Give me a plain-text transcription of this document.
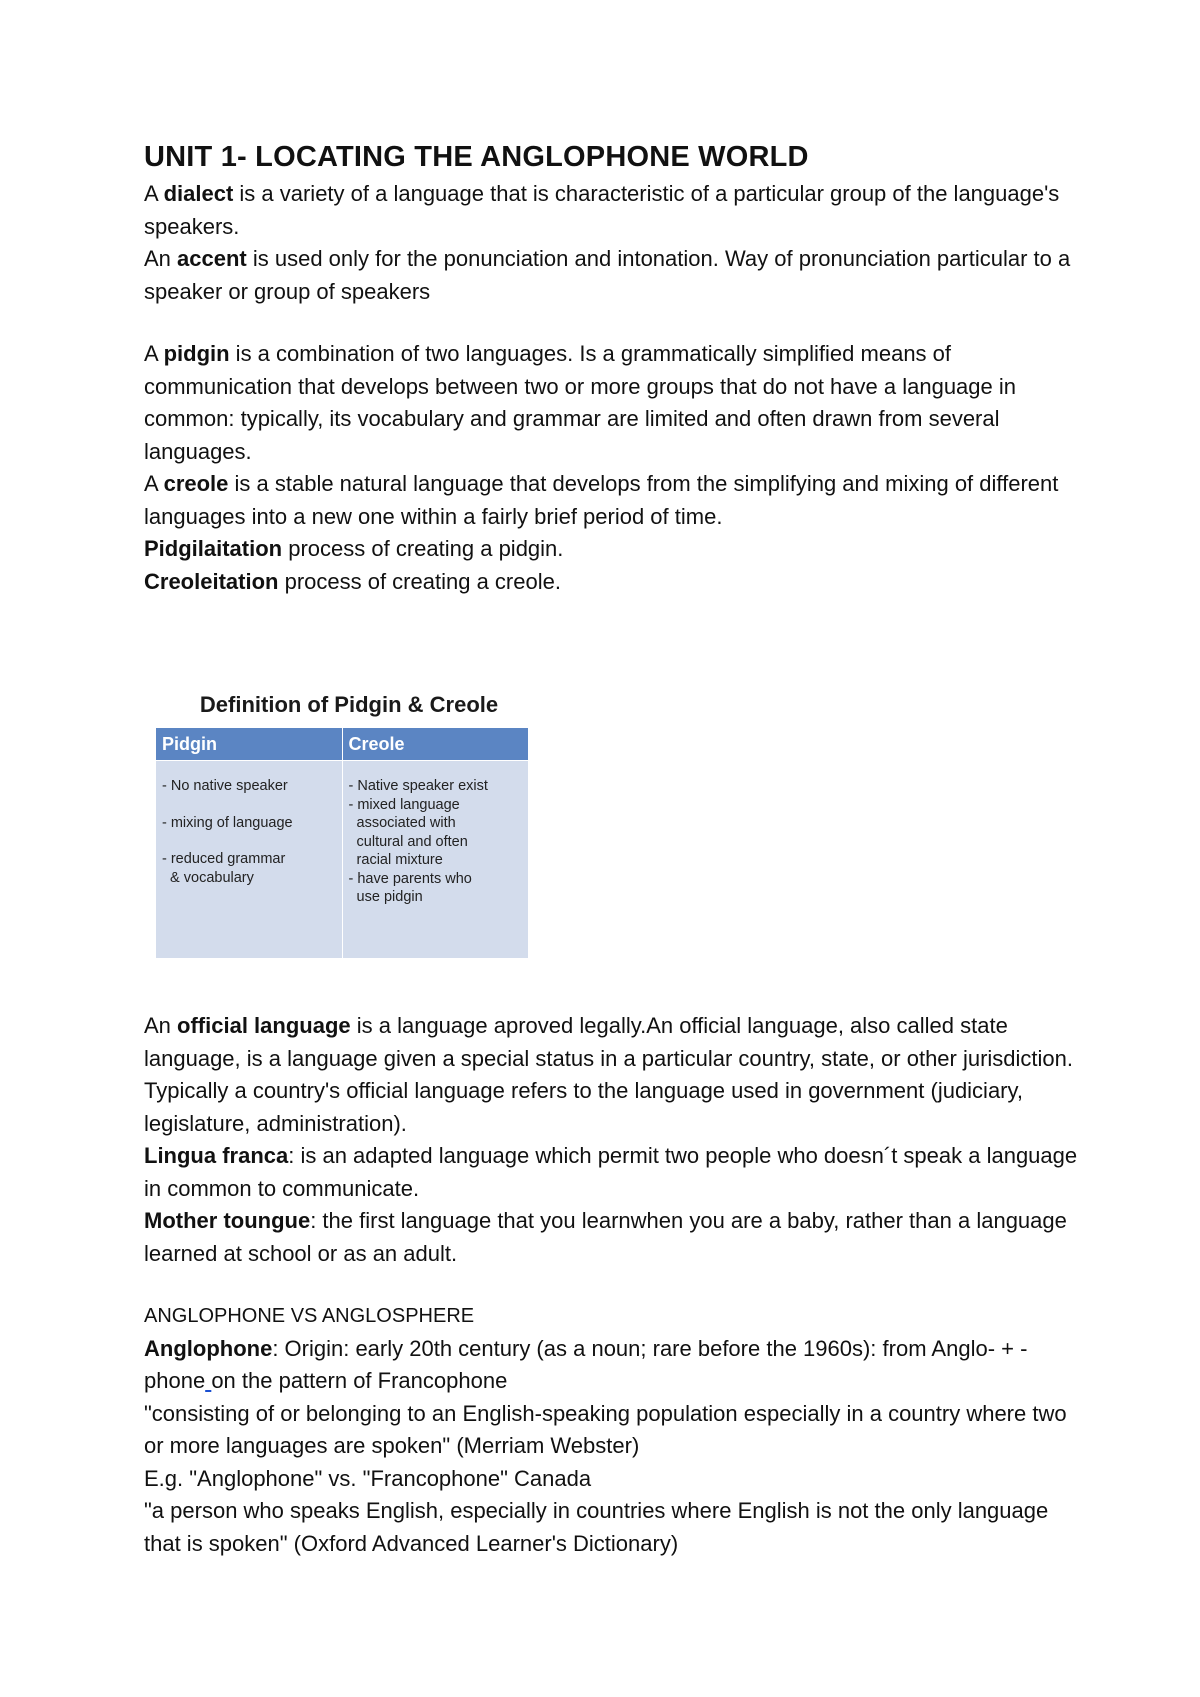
UNIT 1- LOCATING THE ANGLOPHONE WORLD

A dialect is a variety of a language that is characteristic of a particular group of the language's speakers.

An accent is used only for the ponunciation and intonation. Way of pronunciation particular to a speaker or group of speakers

A pidgin is a combination of two languages. Is a grammatically simplified means of communication that develops between two or more groups that do not have a language in common: typically, its vocabulary and grammar are limited and often drawn from several languages.

A creole is a stable natural language that develops from the simplifying and mixing of different languages into a new one within a fairly brief period of time.

Pidgilaitation process of creating a pidgin.

Creoleitation process of creating a creole.

Definition of Pidgin & Creole
Pidgin
- No native speaker
- mixing of language
- reduced grammar
& vocabulary
Creole
- Native speaker exist
- mixed language
associated with
cultural and often
racial mixture
- have parents who
use pidgin

An official language is a language aproved legally.An official language, also called state language, is a language given a special status in a particular country, state, or other jurisdiction. Typically a country's official language refers to the language used in government (judiciary, legislature, administration).

Lingua franca: is an adapted language which permit two people who doesn´t speak a language in common to communicate.

Mother toungue: the first language that you learnwhen you are a baby, rather than a language learned at school or as an adult.

ANGLOPHONE VS ANGLOSPHERE

Anglophone: Origin: early 20th century (as a noun; rare before the 1960s): from Anglo- + -phone on the pattern of Francophone

"consisting of or belonging to an English-speaking population especially in a country where two or more languages are spoken" (Merriam Webster)

E.g. "Anglophone" vs. "Francophone" Canada

"a person who speaks English, especially in countries where English is not the only language that is spoken" (Oxford Advanced Learner's Dictionary)
